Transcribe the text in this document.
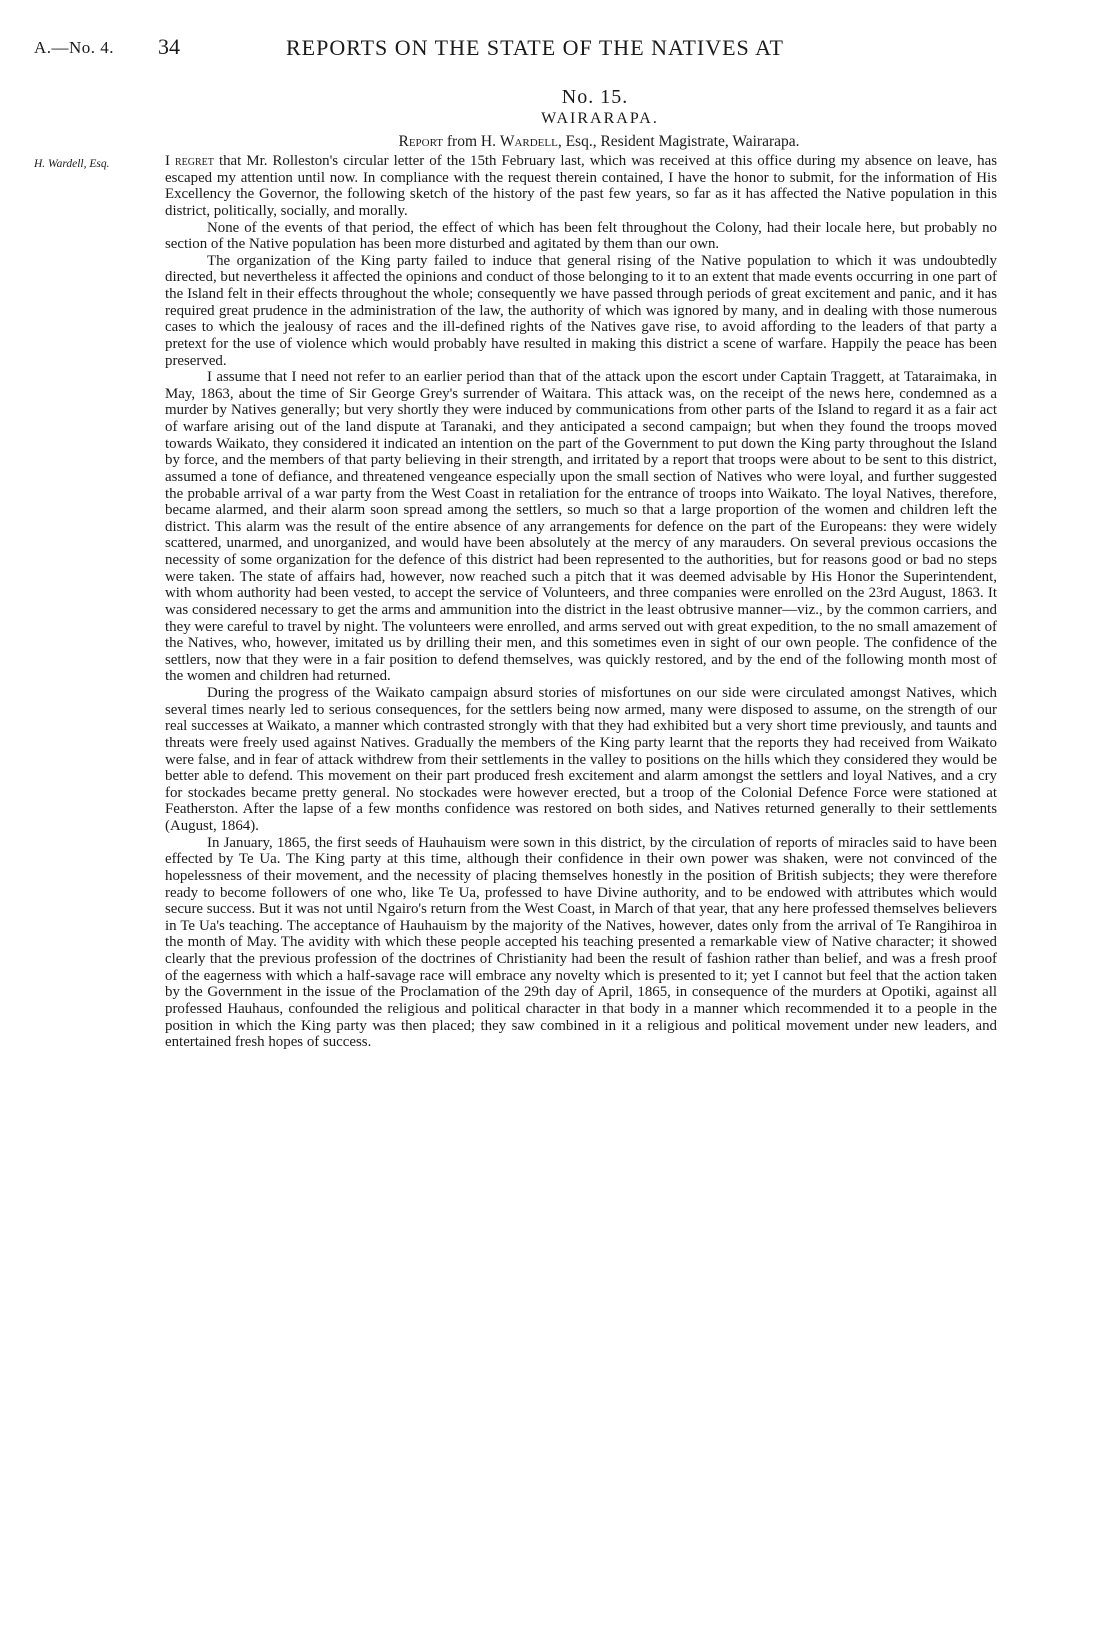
A.—No. 4. 34	REPORTS ON THE STATE OF THE NATIVES AT
No. 15.
WAIRARAPA.
Report from H. Wardell, Esq., Resident Magistrate, Wairarapa.
H. Wardell, Esq.	I regret that Mr. Rolleston's circular letter of the 15th February last, which was received at this office during my absence on leave, has escaped my attention until now. In compliance with the request therein contained, I have the honor to submit, for the information of His Excellency the Governor, the following sketch of the history of the past few years, so far as it has affected the Native population in this district, politically, socially, and morally.

None of the events of that period, the effect of which has been felt throughout the Colony, had their locale here, but probably no section of the Native population has been more disturbed and agitated by them than our own.

The organization of the King party failed to induce that general rising of the Native population to which it was undoubtedly directed, but nevertheless it affected the opinions and conduct of those belonging to it to an extent that made events occurring in one part of the Island felt in their effects throughout the whole; consequently we have passed through periods of great excitement and panic, and it has required great prudence in the administration of the law, the authority of which was ignored by many, and in dealing with those numerous cases to which the jealousy of races and the ill-defined rights of the Natives gave rise, to avoid affording to the leaders of that party a pretext for the use of violence which would probably have resulted in making this district a scene of warfare. Happily the peace has been preserved.

I assume that I need not refer to an earlier period than that of the attack upon the escort under Captain Traggett, at Tataraimaka, in May, 1863, about the time of Sir George Grey's surrender of Waitara. This attack was, on the receipt of the news here, condemned as a murder by Natives generally; but very shortly they were induced by communications from other parts of the Island to regard it as a fair act of warfare arising out of the land dispute at Taranaki, and they anticipated a second campaign; but when they found the troops moved towards Waikato, they considered it indicated an intention on the part of the Government to put down the King party throughout the Island by force, and the members of that party believing in their strength, and irritated by a report that troops were about to be sent to this district, assumed a tone of defiance, and threatened vengeance especially upon the small section of Natives who were loyal, and further suggested the probable arrival of a war party from the West Coast in retaliation for the entrance of troops into Waikato. The loyal Natives, therefore, became alarmed, and their alarm soon spread among the settlers, so much so that a large proportion of the women and children left the district. This alarm was the result of the entire absence of any arrangements for defence on the part of the Europeans: they were widely scattered, unarmed, and unorganized, and would have been absolutely at the mercy of any marauders. On several previous occasions the necessity of some organization for the defence of this district had been represented to the authorities, but for reasons good or bad no steps were taken. The state of affairs had, however, now reached such a pitch that it was deemed advisable by His Honor the Superintendent, with whom authority had been vested, to accept the service of Volunteers, and three companies were enrolled on the 23rd August, 1863. It was considered necessary to get the arms and ammunition into the district in the least obtrusive manner—viz., by the common carriers, and they were careful to travel by night. The volunteers were enrolled, and arms served out with great expedition, to the no small amazement of the Natives, who, however, imitated us by drilling their men, and this sometimes even in sight of our own people. The confidence of the settlers, now that they were in a fair position to defend themselves, was quickly restored, and by the end of the following month most of the women and children had returned.

During the progress of the Waikato campaign absurd stories of misfortunes on our side were circulated amongst Natives, which several times nearly led to serious consequences, for the settlers being now armed, many were disposed to assume, on the strength of our real successes at Waikato, a manner which contrasted strongly with that they had exhibited but a very short time previously, and taunts and threats were freely used against Natives. Gradually the members of the King party learnt that the reports they had received from Waikato were false, and in fear of attack withdrew from their settlements in the valley to positions on the hills which they considered they would be better able to defend. This movement on their part produced fresh excitement and alarm amongst the settlers and loyal Natives, and a cry for stockades became pretty general. No stockades were however erected, but a troop of the Colonial Defence Force were stationed at Featherston. After the lapse of a few months confidence was restored on both sides, and Natives returned generally to their settlements (August, 1864).

In January, 1865, the first seeds of Hauhauism were sown in this district, by the circulation of reports of miracles said to have been effected by Te Ua. The King party at this time, although their confidence in their own power was shaken, were not convinced of the hopelessness of their movement, and the necessity of placing themselves honestly in the position of British subjects; they were therefore ready to become followers of one who, like Te Ua, professed to have Divine authority, and to be endowed with attributes which would secure success. But it was not until Ngairo's return from the West Coast, in March of that year, that any here professed themselves believers in Te Ua's teaching. The acceptance of Hauhauism by the majority of the Natives, however, dates only from the arrival of Te Rangihiroa in the month of May. The avidity with which these people accepted his teaching presented a remarkable view of Native character; it showed clearly that the previous profession of the doctrines of Christianity had been the result of fashion rather than belief, and was a fresh proof of the eagerness with which a half-savage race will embrace any novelty which is presented to it; yet I cannot but feel that the action taken by the Government in the issue of the Proclamation of the 29th day of April, 1865, in consequence of the murders at Opotiki, against all professed Hauhaus, confounded the religious and political character in that body in a manner which recommended it to a people in the position in which the King party was then placed; they saw combined in it a religious and political movement under new leaders, and entertained fresh hopes of success.
